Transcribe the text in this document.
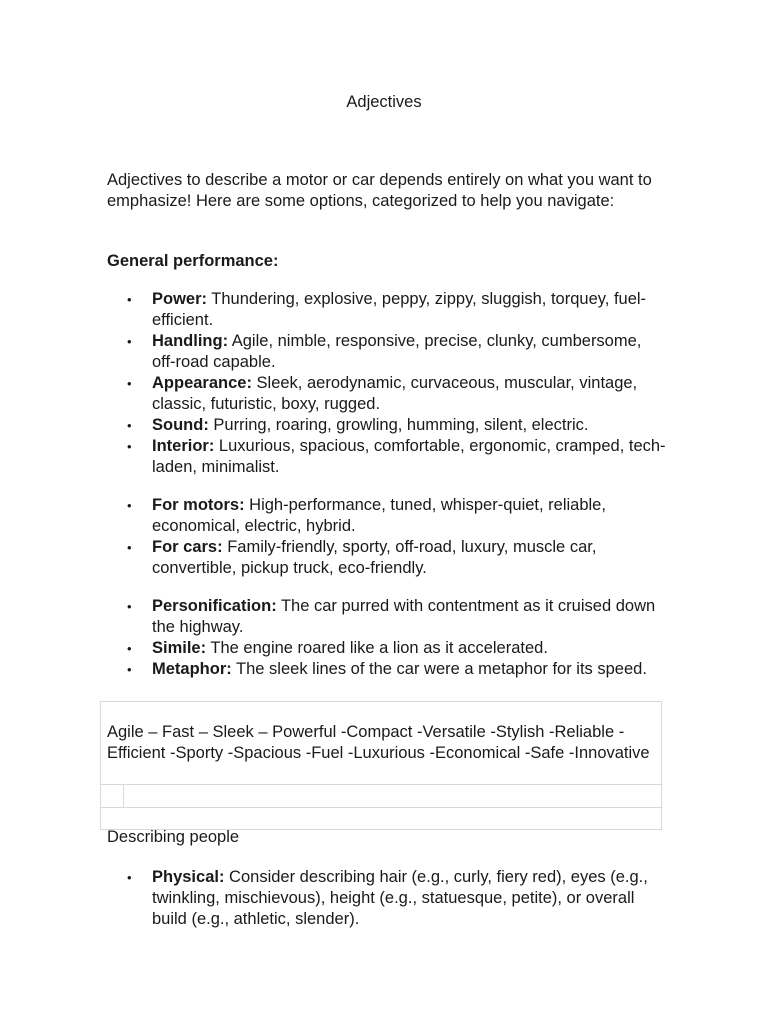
Adjectives

Adjectives to describe a motor or car depends entirely on what you want to emphasize! Here are some options, categorized to help you navigate:

General performance:

• Power: Thundering, explosive, peppy, zippy, sluggish, torquey, fuel-efficient.
• Handling: Agile, nimble, responsive, precise, clunky, cumbersome, off-road capable.
• Appearance: Sleek, aerodynamic, curvaceous, muscular, vintage, classic, futuristic, boxy, rugged.
• Sound: Purring, roaring, growling, humming, silent, electric.
• Interior: Luxurious, spacious, comfortable, ergonomic, cramped, tech-laden, minimalist.
• For motors: High-performance, tuned, whisper-quiet, reliable, economical, electric, hybrid.
• For cars: Family-friendly, sporty, off-road, luxury, muscle car, convertible, pickup truck, eco-friendly.
• Personification: The car purred with contentment as it cruised down the highway.
• Simile: The engine roared like a lion as it accelerated.
• Metaphor: The sleek lines of the car were a metaphor for its speed.
Agile – Fast – Sleek – Powerful -Compact -Versatile -Stylish -Reliable -Efficient -Sporty -Spacious -Fuel -Luxurious -Economical -Safe -Innovative

Describing people

• Physical: Consider describing hair (e.g., curly, fiery red), eyes (e.g., twinkling, mischievous), height (e.g., statuesque, petite), or overall build (e.g., athletic, slender).
